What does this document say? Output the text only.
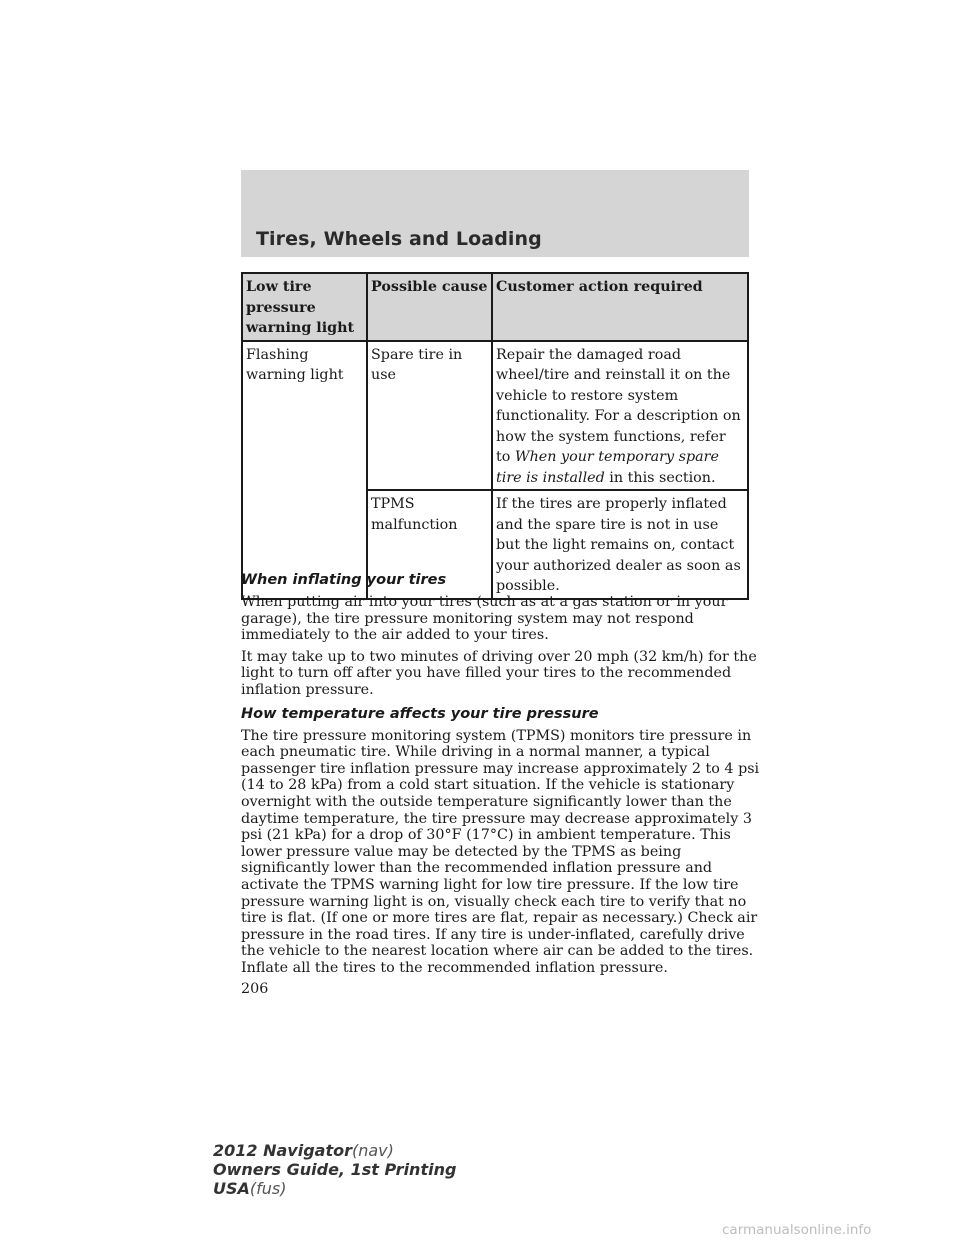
Tires, Wheels and Loading
Low tire pressure warning light	Possible cause	Customer action required
Flashing warning light	Spare tire in use	Repair the damaged road wheel/tire and reinstall it on the vehicle to restore system functionality. For a description on how the system functions, refer to When your temporary spare tire is installed in this section.
	TPMS malfunction	If the tires are properly inflated and the spare tire is not in use but the light remains on, contact your authorized dealer as soon as possible.
When inflating your tires

When putting air into your tires (such as at a gas station or in your garage), the tire pressure monitoring system may not respond immediately to the air added to your tires.

It may take up to two minutes of driving over 20 mph (32 km/h) for the light to turn off after you have filled your tires to the recommended inflation pressure.

How temperature affects your tire pressure

The tire pressure monitoring system (TPMS) monitors tire pressure in each pneumatic tire. While driving in a normal manner, a typical passenger tire inflation pressure may increase approximately 2 to 4 psi (14 to 28 kPa) from a cold start situation. If the vehicle is stationary overnight with the outside temperature significantly lower than the daytime temperature, the tire pressure may decrease approximately 3 psi (21 kPa) for a drop of 30°F (17°C) in ambient temperature. This lower pressure value may be detected by the TPMS as being significantly lower than the recommended inflation pressure and activate the TPMS warning light for low tire pressure. If the low tire pressure warning light is on, visually check each tire to verify that no tire is flat. (If one or more tires are flat, repair as necessary.) Check air pressure in the road tires. If any tire is under-inflated, carefully drive the vehicle to the nearest location where air can be added to the tires. Inflate all the tires to the recommended inflation pressure.

206
2012 Navigator(nav)
Owners Guide, 1st Printing
USA(fus)
carmanualsonline.info
